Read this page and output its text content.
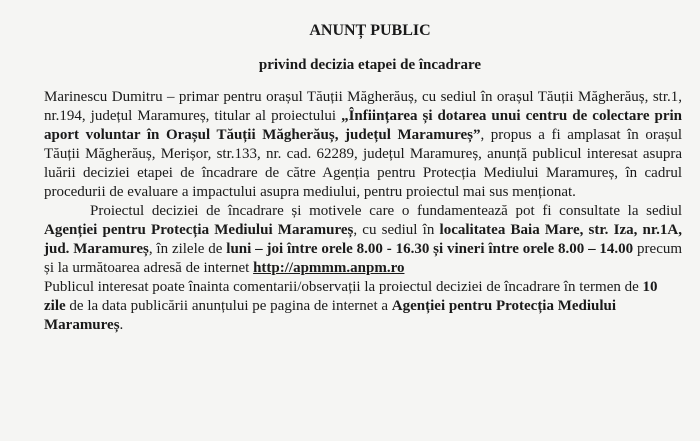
ANUNȚ PUBLIC
privind decizia etapei de încadrare

Marinescu Dumitru – primar pentru orașul Tăuții Măgherăuș, cu sediul în orașul Tăuții Măgherăuș, str.1, nr.194, județul Maramureș, titular al proiectului „Înființarea și dotarea unui centru de colectare prin aport voluntar în Orașul Tăuții Măgherăuș, județul Maramureș”, propus a fi amplasat în orașul Tăuții Măgherăuș, Merișor, str.133, nr. cad. 62289, județul Maramureș, anunță publicul interesat asupra luării deciziei etapei de încadrare de către Agenția pentru Protecția Mediului Maramureș, în cadrul procedurii de evaluare a impactului asupra mediului, pentru proiectul mai sus menționat.

Proiectul deciziei de încadrare și motivele care o fundamentează pot fi consultate la sediul Agenției pentru Protecția Mediului Maramureș, cu sediul în localitatea Baia Mare, str. Iza, nr.1A, jud. Maramureș, în zilele de luni – joi între orele 8.00 - 16.30 și vineri între orele 8.00 – 14.00 precum și la următoarea adresă de internet http://apmmm.anpm.ro

Publicul interesat poate înainta comentarii/observații la proiectul deciziei de încadrare în termen de 10 zile de la data publicării anunțului pe pagina de internet a Agenției pentru Protecția Mediului Maramureș.
